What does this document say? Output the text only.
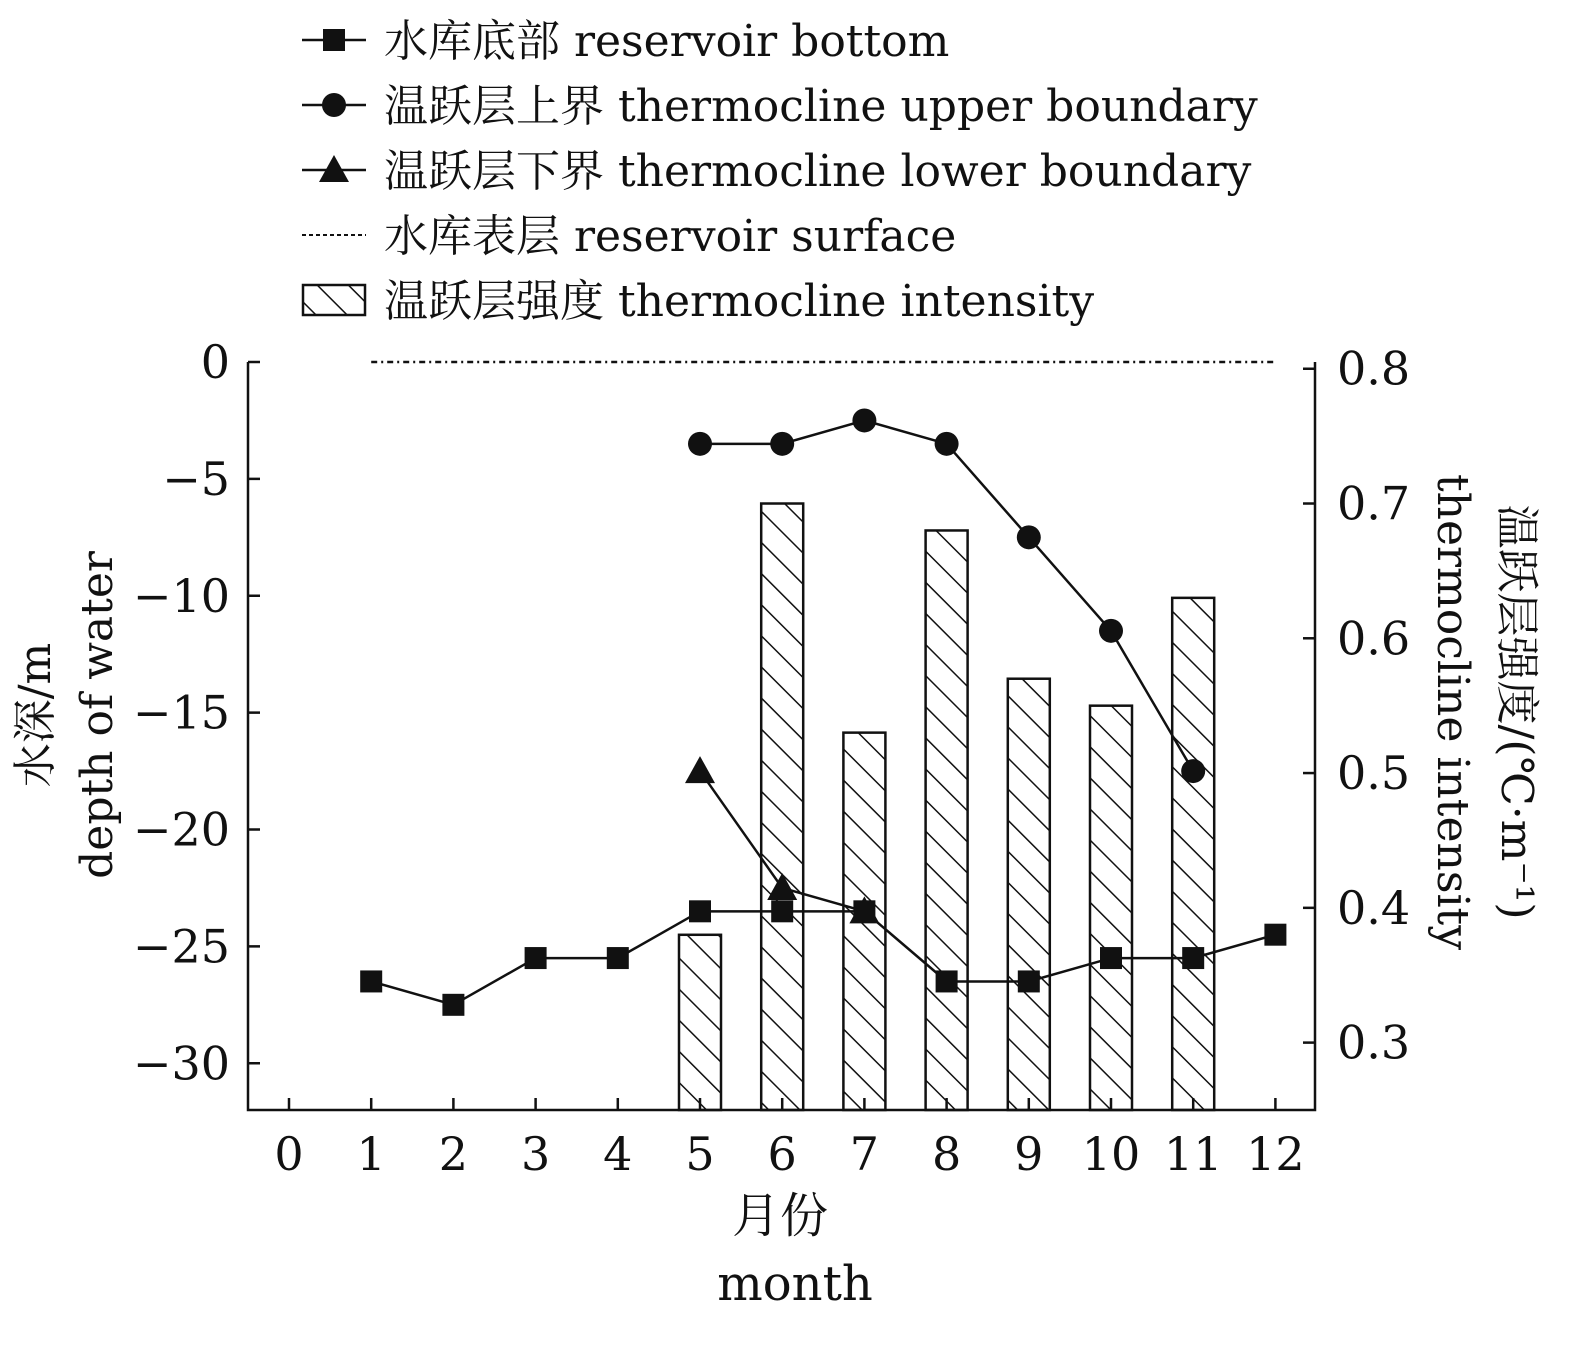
水库底部 reservoir bottom
温跃层上界 thermocline upper boundary
温跃层下界 thermocline lower boundary
水库表层 reservoir surface
温跃层强度 thermocline intensity
0 1 2 3 4 5 6 7 8 9 10 11 12
0
−5
−10
−15
−20
−25
−30
0.8
0.7
0.6
0.5
0.4
0.3
月份
month
水深/m depth of water	温跃层强度/(℃·m⁻¹)
thermocline intensity
